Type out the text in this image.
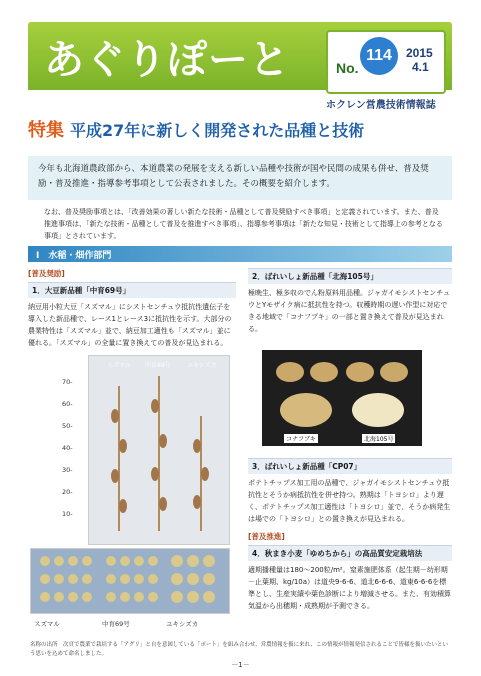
あぐりぽーと	No.
114	2015
4.1
ホクレン営農技術情報誌
特集 平成27年に新しく開発された品種と技術
今年も北海道農政部から、本道農業の発展を支える新しい品種や技術が国や民間の成果も併せ、普及奨励・普及推進・指導参考事項として公表されました。その概要を紹介します。
なお、普及奨励事項とは、「改善効果の著しい新たな技術・品種として普及奨励すべき事項」と定義されています。また、普及推進事項は、「新たな技術・品種として普及を推進すべき事項」、指導参考事項は「新たな知見・技術として指導上の参考となる事項」とされています。
Ⅰ　水稲・畑作部門
[普及奨励]
1．大豆新品種「中育69号」
納豆用小粒大豆「スズマル」にシストセンチュウ抵抗性遺伝子を導入した新品種で、レース1とレース3に抵抗性を示す。大部分の農業特性は「スズマル」並で、納豆加工適性も「スズマル」並に優れる。「スズマル」の全量に置き換えての普及が見込まれる。
スズマル 中育69号	ユキシズカ
70-
60-
50-
40-
30-
20-
10-
スズマル	中育69号	ユキシズカ
2．ばれいしょ新品種「北海105号」
極晩生、極多収のでん粉原料用品種。ジャガイモシストセンチュウとYモザイク病に抵抗性を持つ。収穫時期の遅い作型に対応できる地域で「コナフブキ」の一部と置き換えて普及が見込まれる。
コナフブキ	北海105号
3．ばれいしょ新品種「CP07」
ポテトチップス加工用の品種で、ジャガイモシストセンチュウ抵抗性とそうか病抵抗性を併せ持つ。熟期は「トヨシロ」より遅く、ポテトチップス加工適性は「トヨシロ」並で、そうか病発生は場での「トヨシロ」との置き換えが見込まれる。
[普及推進]
4．秋まき小麦「ゆめちから」の高品質安定栽培法
適期播種量は180～200粒/m²。窒素施肥体系（起生期－幼形期－止葉期、kg/10a）は道央9-6-6、道北6-6-6、道東6-6-6を標準とし、生産実績や葉色診断により増減させる。また、有効積算気温から出穂期・成熟期が予測できる。
名称の出所　次頁で農業で栽培する「アグリ」と自を意図している「ポート」を組み合わせ、営農情報を扱に来れ、この情報が情報発信されることで皆様を扱いたいという思いを込めて命名しました。
－1－
